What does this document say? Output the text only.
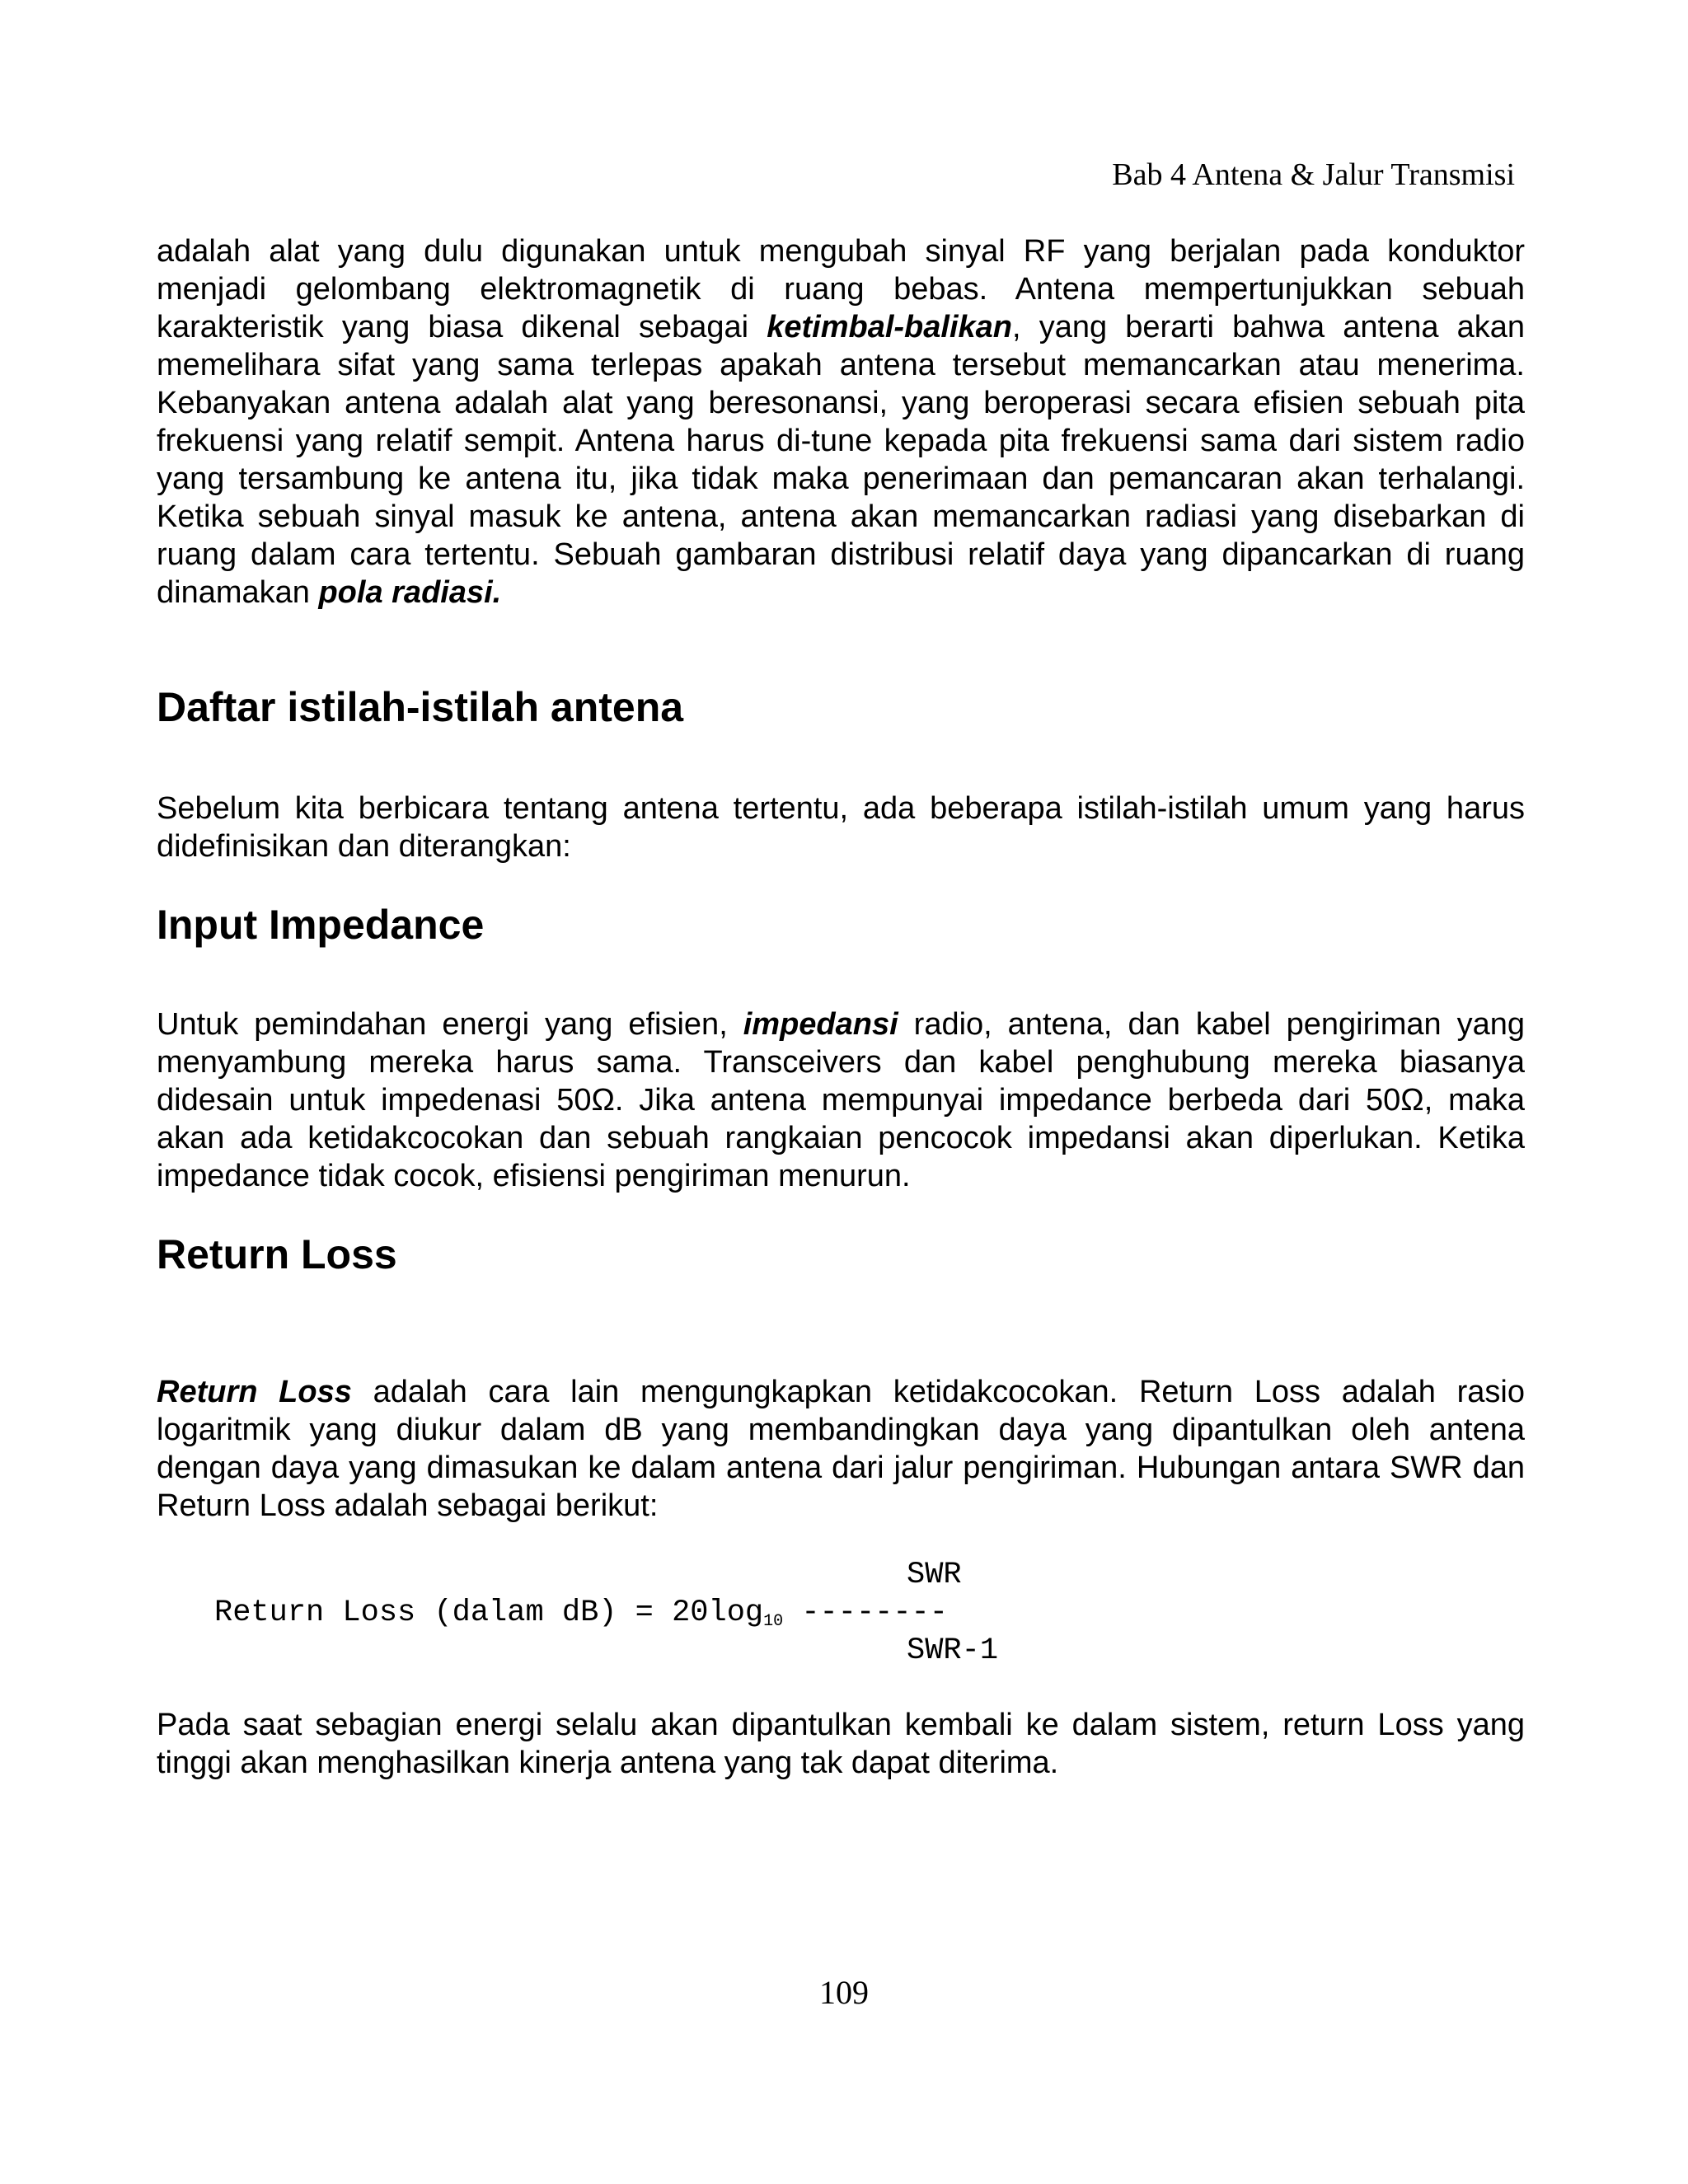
Bab 4 Antena & Jalur Transmisi

adalah alat yang dulu digunakan untuk mengubah sinyal RF yang berjalan pada konduktor menjadi gelombang elektromagnetik di ruang bebas. Antena mempertunjukkan sebuah karakteristik yang biasa dikenal sebagai ketimbal-balikan, yang berarti bahwa antena akan memelihara sifat yang sama terlepas apakah antena tersebut memancarkan atau menerima. Kebanyakan antena adalah alat yang beresonansi, yang beroperasi secara efisien sebuah pita frekuensi yang relatif sempit. Antena harus di-tune kepada pita frekuensi sama dari sistem radio yang tersambung ke antena itu, jika tidak maka penerimaan dan pemancaran akan terhalangi. Ketika sebuah sinyal masuk ke antena, antena akan memancarkan radiasi yang disebarkan di ruang dalam cara tertentu. Sebuah gambaran distribusi relatif daya yang dipancarkan di ruang dinamakan pola radiasi.

Daftar istilah-istilah antena

Sebelum kita berbicara tentang antena tertentu, ada beberapa istilah-istilah umum yang harus didefinisikan dan diterangkan:

Input Impedance

Untuk pemindahan energi yang efisien, impedansi radio, antena, dan kabel pengiriman yang menyambung mereka harus sama. Transceivers dan kabel penghubung mereka biasanya didesain untuk impedenasi 50Ω. Jika antena mempunyai impedance berbeda dari 50Ω, maka akan ada ketidakcocokan dan sebuah rangkaian pencocok impedansi akan diperlukan. Ketika impedance tidak cocok, efisiensi pengiriman menurun.

Return Loss

Return Loss adalah cara lain mengungkapkan ketidakcocokan. Return Loss adalah rasio logaritmik yang diukur dalam dB yang membandingkan daya yang dipantulkan oleh antena dengan daya yang dimasukan ke dalam antena dari jalur pengiriman. Hubungan antara SWR dan Return Loss adalah sebagai berikut:

SWR
Return Loss (dalam $dB) = 20\log_{10}$ --------
SWR-1

Pada saat sebagian energi selalu akan dipantulkan kembali ke dalam sistem, return Loss yang tinggi akan menghasilkan kinerja antena yang tak dapat diterima.

109
